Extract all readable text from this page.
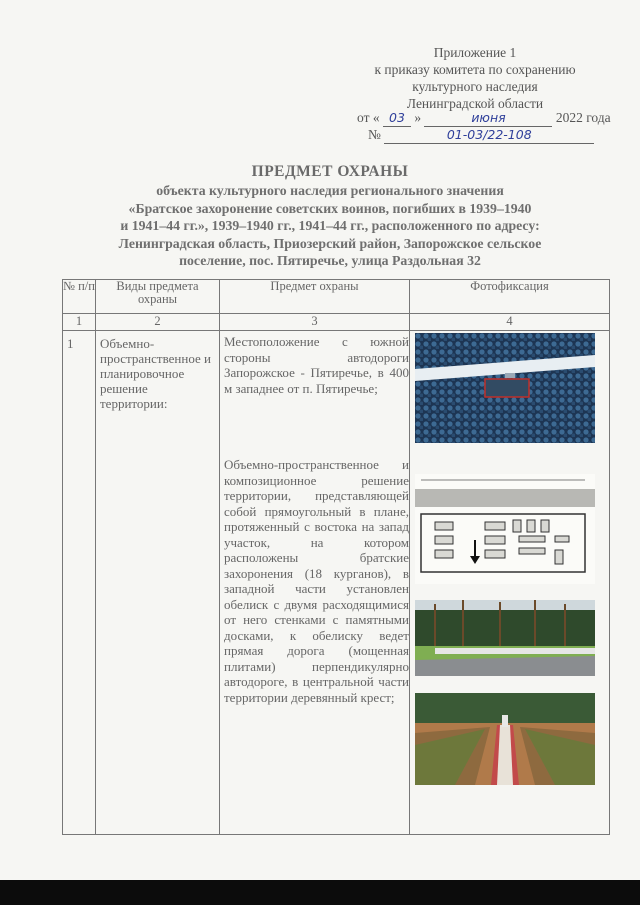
Приложение 1
к приказу комитета по сохранению
культурного наследия
Ленинградской области
от « 03 »	июня	2022 года
№	01-03/22-108
ПРЕДМЕТ ОХРАНЫ
объекта культурного наследия регионального значения
«Братское захоронение советских воинов, погибших в 1939–1940
и 1941–44 гг.», 1939–1940 гг., 1941–44 гг., расположенного по адресу:
Ленинградская область, Приозерский район, Запорожское сельское
поселение, пос. Пятиречье, улица Раздольная 32
№ п/п	Виды предмета охраны	Предмет охраны	Фотофиксация
1	2	3	4
1	Объемно-пространственное и планировочное решение территории:	Местоположение с южной стороны автодороги Запорожское - Пятиречье, в 400 м западнее от п. Пятиречье;
Объемно-пространственное и композиционное решение территории, представляющей собой прямоугольный в плане, протяженный с востока на запад участок, на котором расположены братские захоронения (18 курганов), в западной части установлен обелиск с двумя расходящимися от него стенками с памятными досками, к обелиску ведет прямая дорога (мощенная плитами) перпендикулярно автодороге, в центральной части территории деревянный крест;
